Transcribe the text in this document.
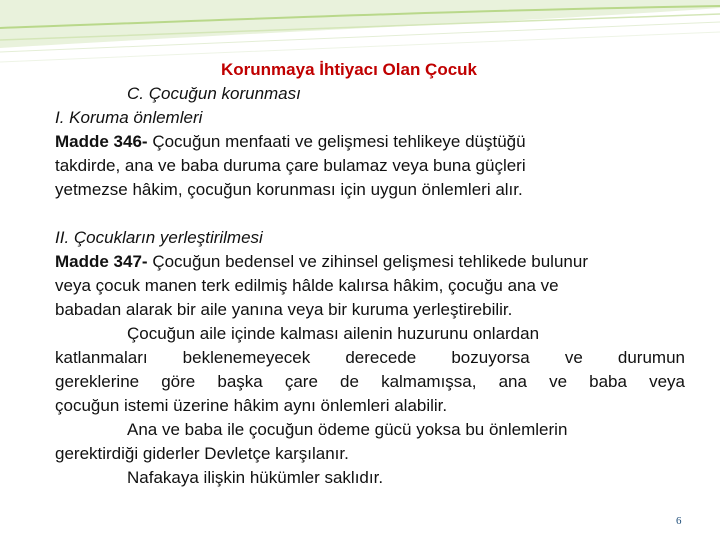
Korunmaya İhtiyacı Olan Çocuk
C. Çocuğun korunması
I. Koruma önlemleri
Madde 346- Çocuğun menfaati ve gelişmesi tehlikeye düştüğü
takdirde, ana ve baba duruma çare bulamaz veya buna güçleri
yetmezse hâkim, çocuğun korunması için uygun önlemleri alır.
II. Çocukların yerleştirilmesi
Madde 347- Çocuğun bedensel ve zihinsel gelişmesi tehlikede bulunur
veya çocuk manen terk edilmiş hâlde kalırsa hâkim, çocuğu ana ve
babadan alarak bir aile yanına veya bir kuruma yerleştirebilir.
Çocuğun aile içinde kalması ailenin huzurunu onlardan
katlanmaları beklenemeyecek derecede bozuyorsa ve durumun
gereklerine göre başka çare de kalmamışsa, ana ve baba veya
çocuğun istemi üzerine hâkim aynı önlemleri alabilir.
Ana ve baba ile çocuğun ödeme gücü yoksa bu önlemlerin
gerektirdiği giderler Devletçe karşılanır.
Nafakaya ilişkin hükümler saklıdır.
6
